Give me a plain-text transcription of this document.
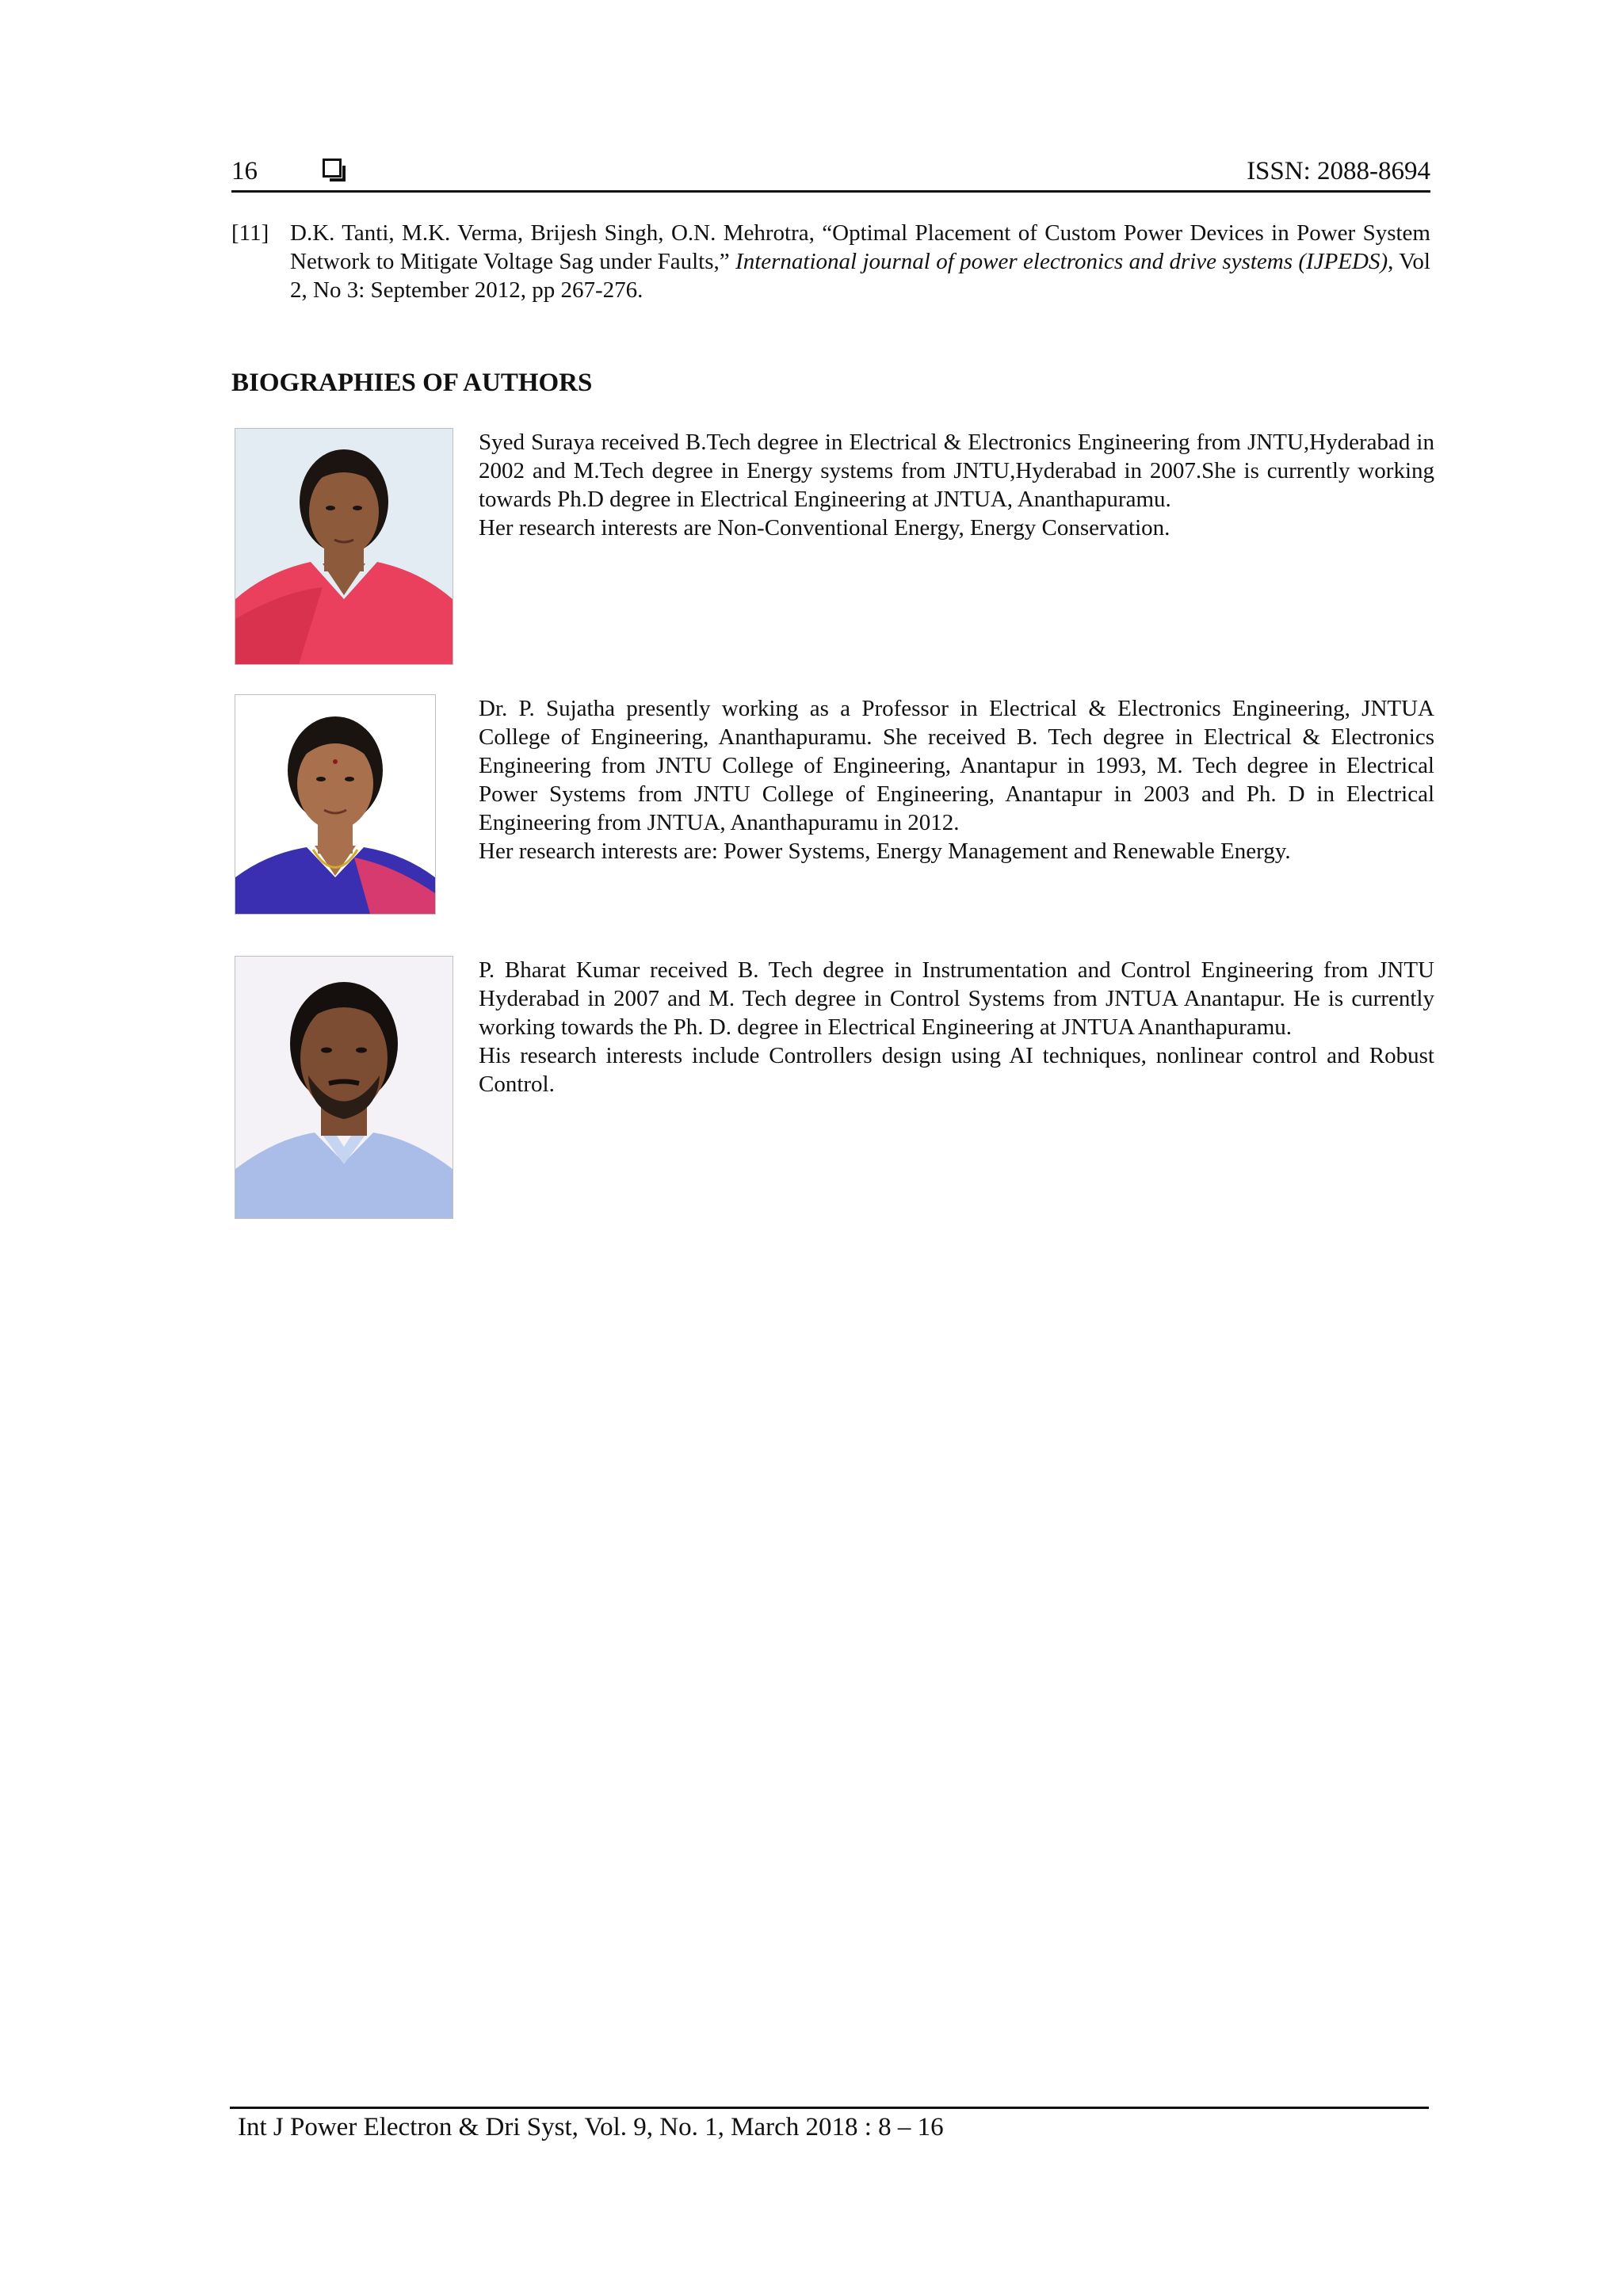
16	ISSN: 2088-8694
[11] D.K. Tanti, M.K. Verma, Brijesh Singh, O.N. Mehrotra, “Optimal Placement of Custom Power Devices in Power System Network to Mitigate Voltage Sag under Faults,” International journal of power electronics and drive systems (IJPEDS), Vol 2, No 3: September 2012, pp 267-276.
BIOGRAPHIES OF AUTHORS

Syed Suraya received B.Tech degree in Electrical & Electronics Engineering from JNTU,Hyderabad in 2002 and M.Tech degree in Energy systems from JNTU,Hyderabad in 2007.She is currently working towards Ph.D degree in Electrical Engineering at JNTUA, Ananthapuramu.

Her research interests are Non-Conventional Energy, Energy Conservation.

Dr. P. Sujatha presently working as a Professor in Electrical & Electronics Engineering, JNTUA College of Engineering, Ananthapuramu. She received B. Tech degree in Electrical & Electronics Engineering from JNTU College of Engineering, Anantapur in 1993, M. Tech degree in Electrical Power Systems from JNTU College of Engineering, Anantapur in 2003 and Ph. D in Electrical Engineering from JNTUA, Ananthapuramu in 2012.

Her research interests are: Power Systems, Energy Management and Renewable Energy.

P. Bharat Kumar received B. Tech degree in Instrumentation and Control Engineering from JNTU Hyderabad in 2007 and M. Tech degree in Control Systems from JNTUA Anantapur. He is currently working towards the Ph. D. degree in Electrical Engineering at JNTUA Ananthapuramu.

His research interests include Controllers design using AI techniques, nonlinear control and Robust Control.

Int J Power Electron & Dri Syst, Vol. 9, No. 1, March 2018 : 8 – 16
